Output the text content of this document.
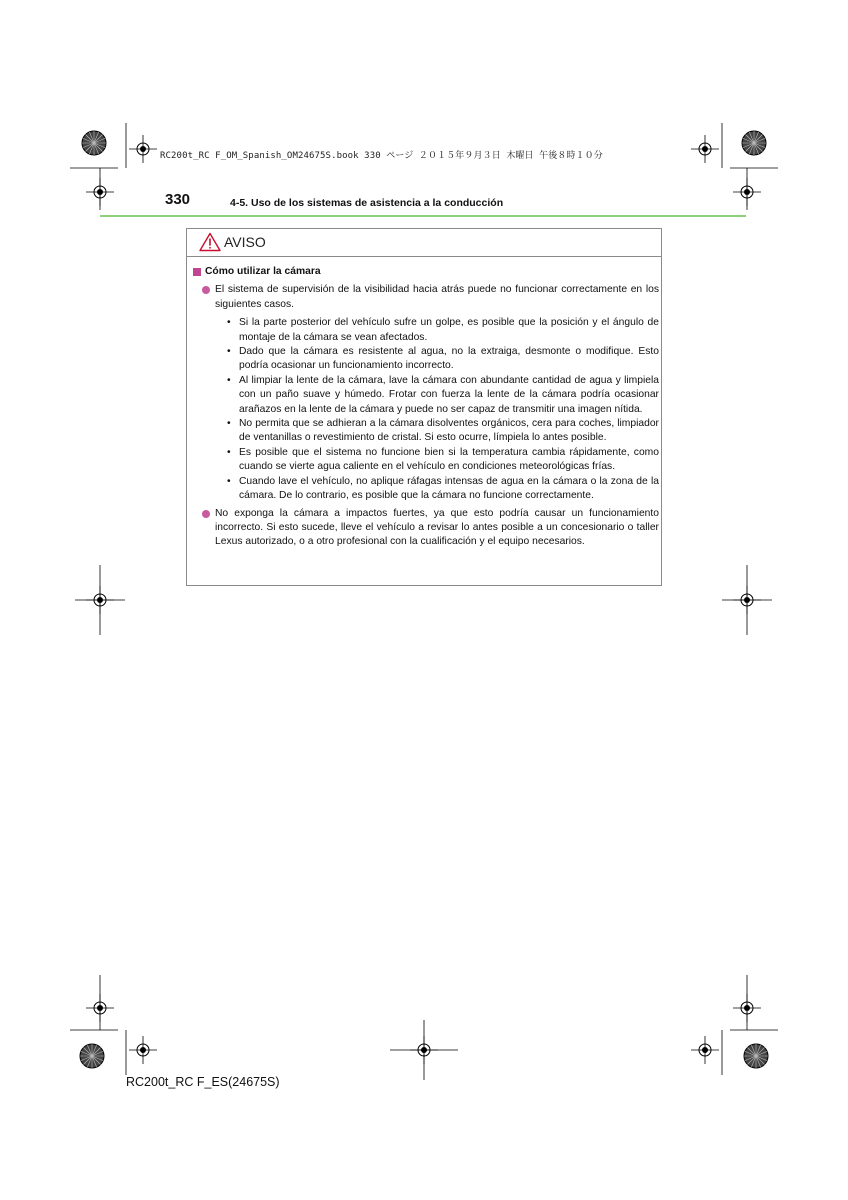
RC200t_RC F_OM_Spanish_OM24675S.book 330 ページ ２０１５年９月３日 木曜日 午後８時１０分
330	4-5. Uso de los sistemas de asistencia a la conducción
AVISO
Cómo utilizar la cámara
El sistema de supervisión de la visibilidad hacia atrás puede no funcionar correctamente en los siguientes casos.
• Si la parte posterior del vehículo sufre un golpe, es posible que la posición y el ángulo de montaje de la cámara se vean afectados.
• Dado que la cámara es resistente al agua, no la extraiga, desmonte o modifique. Esto podría ocasionar un funcionamiento incorrecto.
• Al limpiar la lente de la cámara, lave la cámara con abundante cantidad de agua y limpiela con un paño suave y húmedo. Frotar con fuerza la lente de la cámara podría ocasionar arañazos en la lente de la cámara y puede no ser capaz de transmitir una imagen nítida.
• No permita que se adhieran a la cámara disolventes orgánicos, cera para coches, limpiador de ventanillas o revestimiento de cristal. Si esto ocurre, límpiela lo antes posible.
• Es posible que el sistema no funcione bien si la temperatura cambia rápidamente, como cuando se vierte agua caliente en el vehículo en condiciones meteorológicas frías.
• Cuando lave el vehículo, no aplique ráfagas intensas de agua en la cámara o la zona de la cámara. De lo contrario, es posible que la cámara no funcione correctamente.
No exponga la cámara a impactos fuertes, ya que esto podría causar un funcionamiento incorrecto. Si esto sucede, lleve el vehículo a revisar lo antes posible a un concesionario o taller Lexus autorizado, o a otro profesional con la cualificación y el equipo necesarios.
RC200t_RC F_ES(24675S)
